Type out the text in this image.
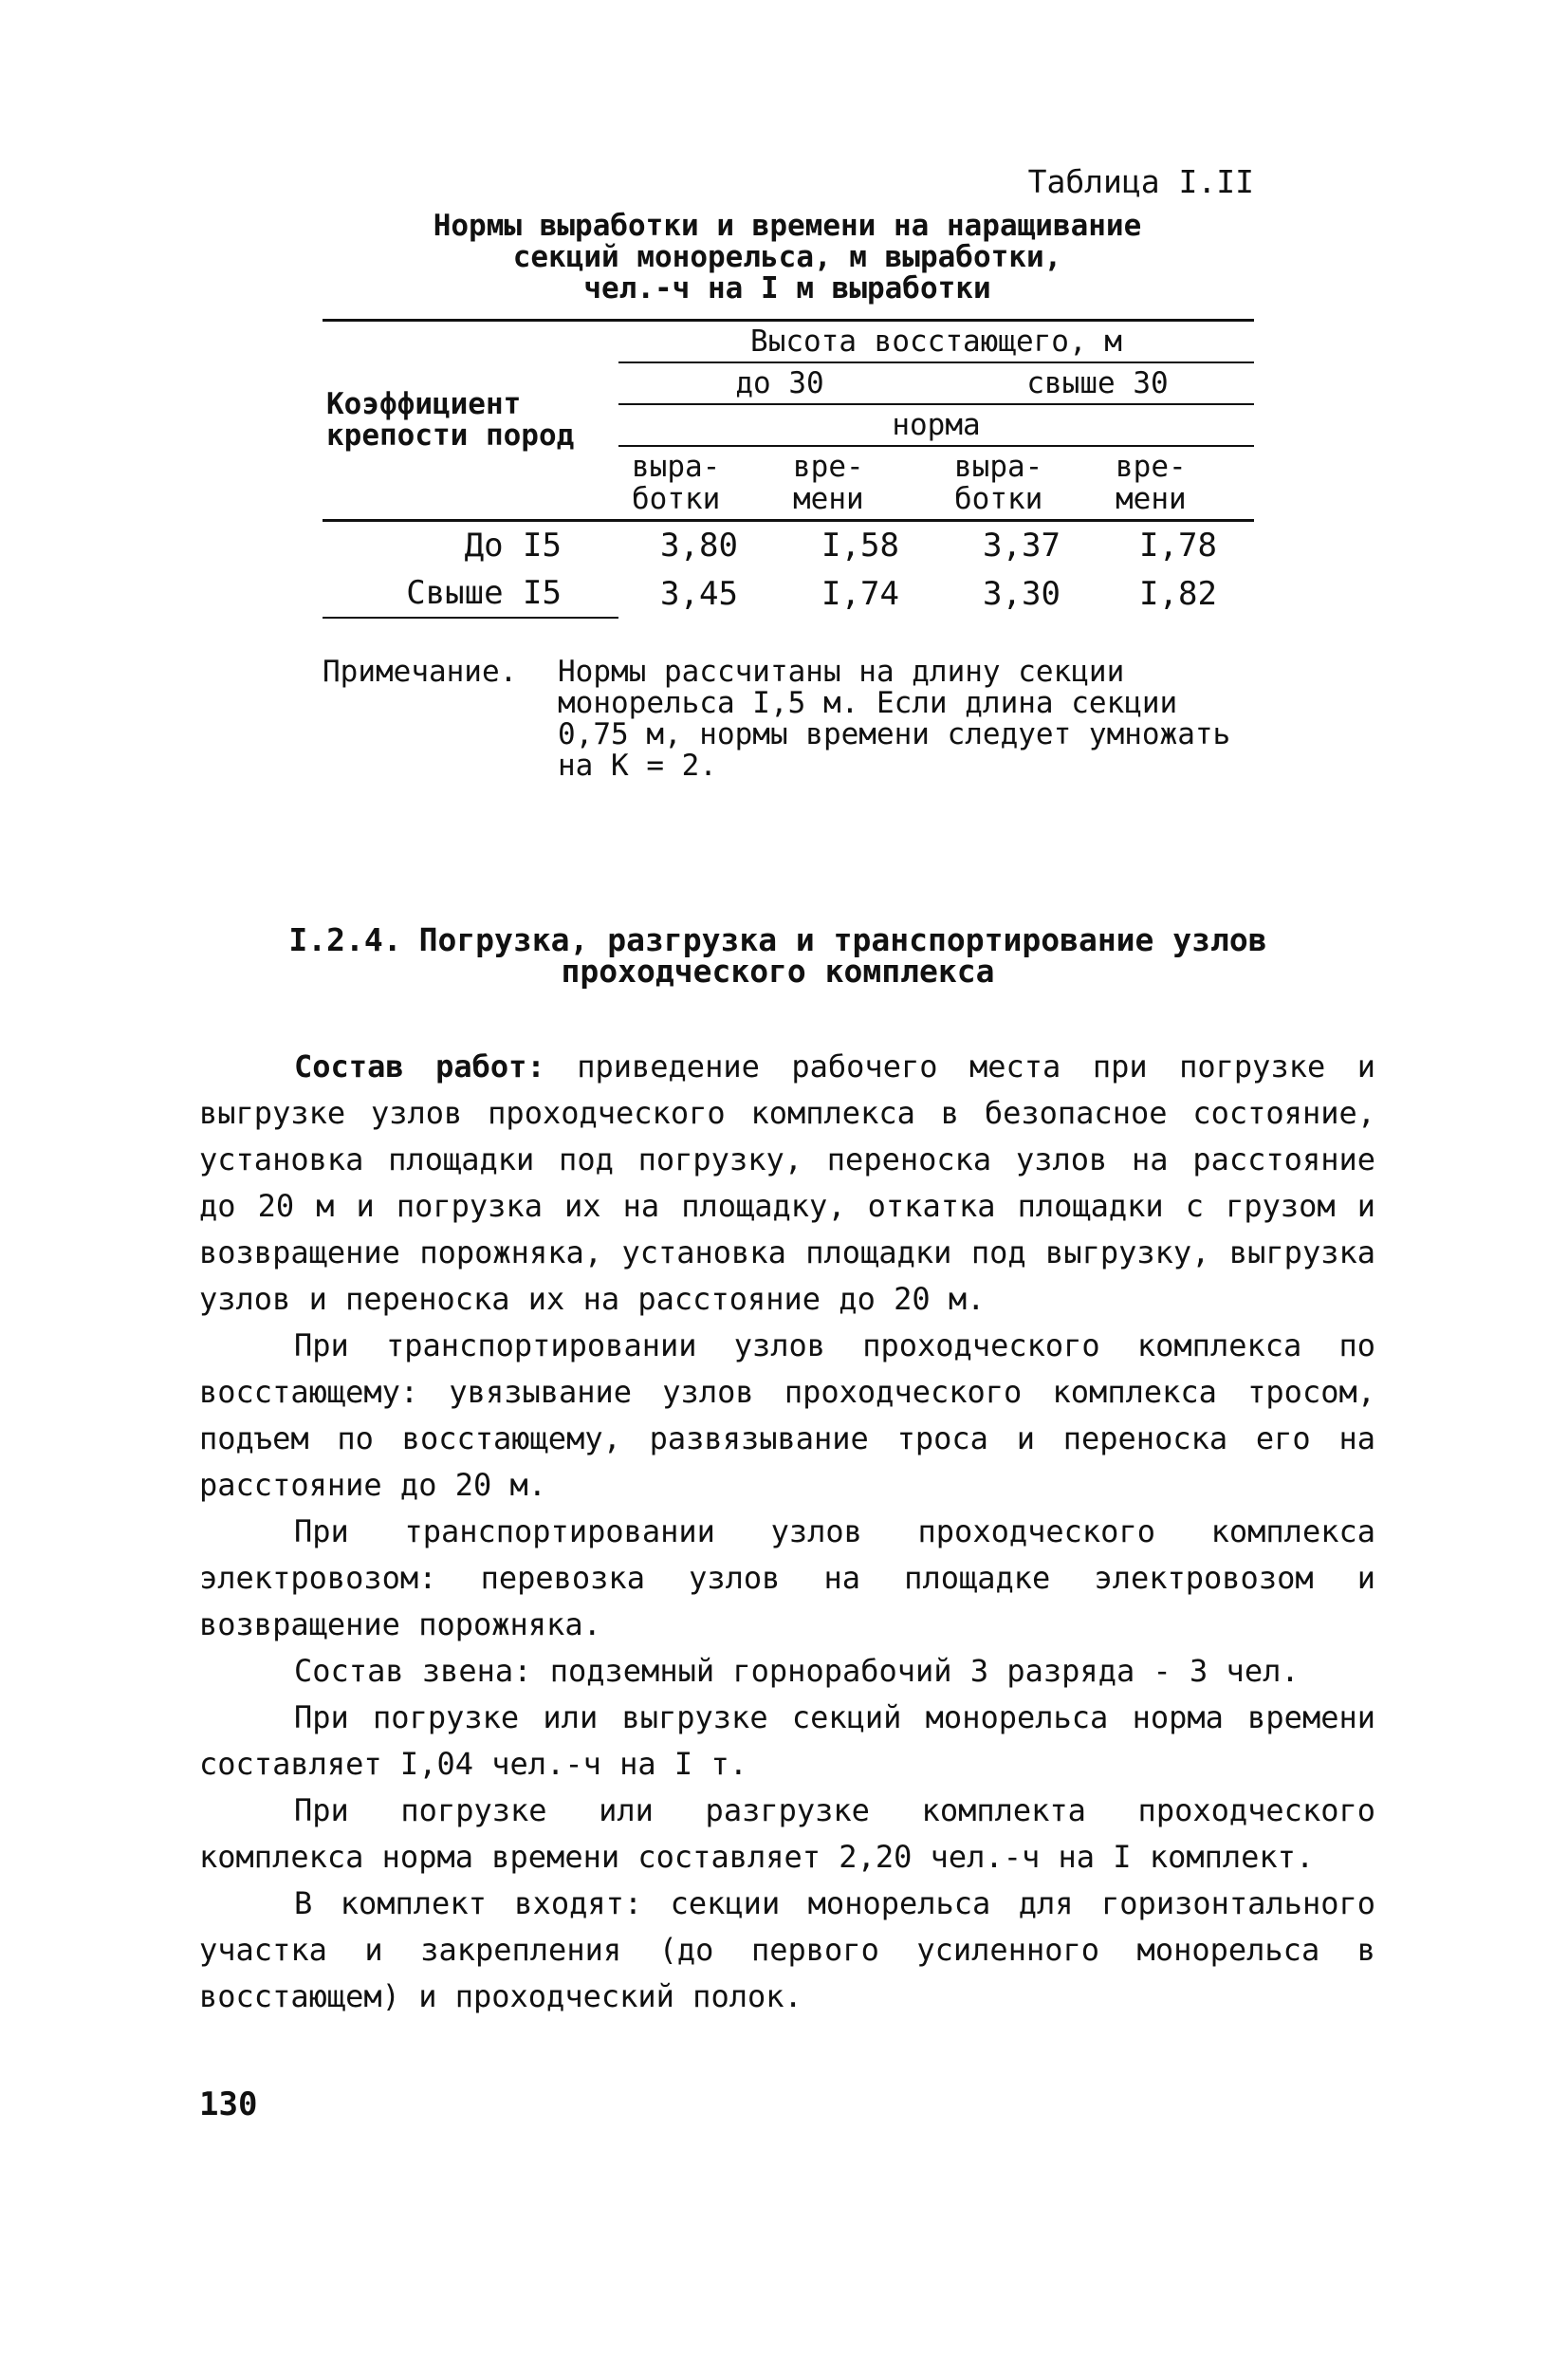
Таблица I.II
Нормы выработки и времени на наращивание
секций монорельса, м выработки,
чел.-ч на I м выработки
Коэффициент крепости пород	Высота восстающего, м			
	до 30		свыше 30	
	норма			
	выра- ботки	вре- мени	выра- ботки	вре- мени
До I5	3,80	I,58	3,37	I,78
Свыше I5	3,45	I,74	3,30	I,82
Примечание.	Нормы рассчитаны на длину секции монорельса I,5 м. Если длина секции 0,75 м, нормы времени следует умножать на К = 2.
I.2.4. Погрузка, разгрузка и транспортирование узлов проходческого комплекса

Состав работ: приведение рабочего места при погрузке и выгрузке узлов проходческого комплекса в безопасное состояние, установка площадки под погрузку, переноска узлов на расстояние до 20 м и погрузка их на площадку, откатка площадки с грузом и возвращение порожняка, установка площадки под выгрузку, выгрузка узлов и переноска их на расстояние до 20 м.

При транспортировании узлов проходческого комплекса по восстающему: увязывание узлов проходческого комплекса тросом, подъем по восстающему, развязывание троса и переноска его на расстояние до 20 м.

При транспортировании узлов проходческого комплекса электровозом: перевозка узлов на площадке электровозом и возвращение порожняка.

Состав звена: подземный горнорабочий 3 разряда - 3 чел.

При погрузке или выгрузке секций монорельса норма времени составляет I,04 чел.-ч на I т.

При погрузке или разгрузке комплекта проходческого комплекса норма времени составляет 2,20 чел.-ч на I комплект.

В комплект входят: секции монорельса для горизонтального участка и закрепления (до первого усиленного монорельса в восстающем) и проходческий полок.

130
